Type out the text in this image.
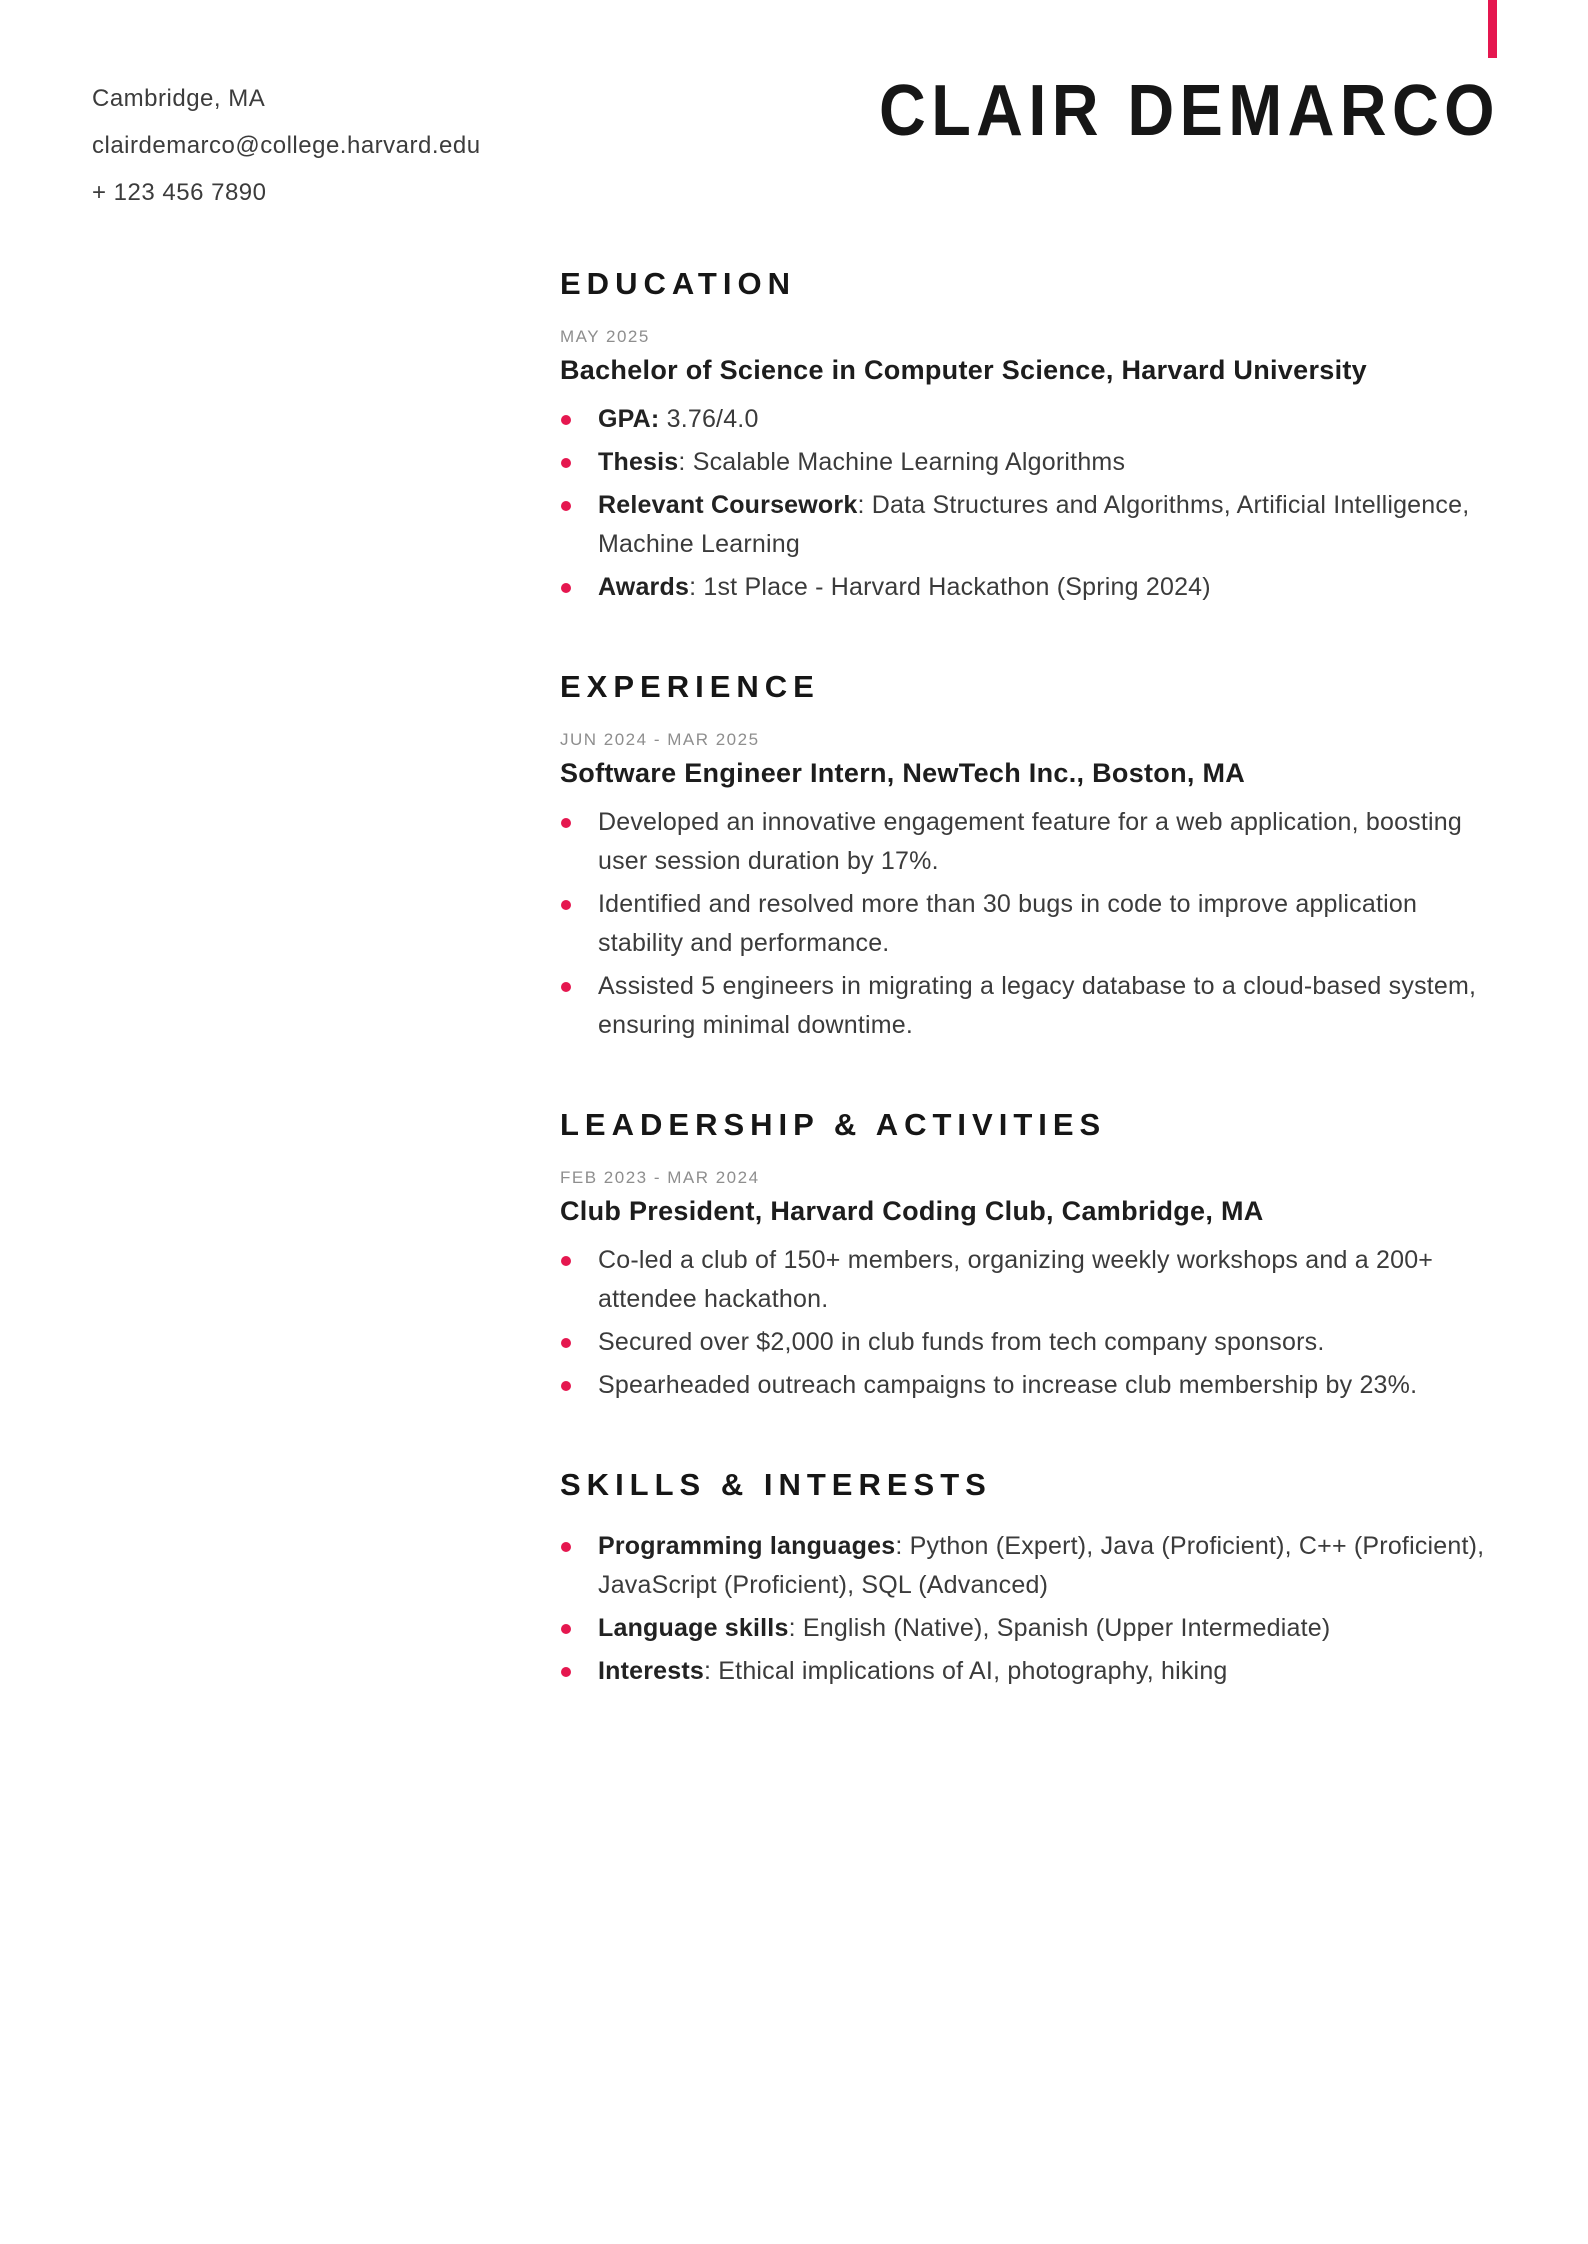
Cambridge, MA

clairdemarco@college.harvard.edu

+ 123 456 7890

CLAIR DEMARCO
EDUCATION

MAY 2025

Bachelor of Science in Computer Science, Harvard University
GPA: 3.76/4.0
Thesis: Scalable Machine Learning Algorithms
Relevant Coursework: Data Structures and Algorithms, Artificial Intelligence, Machine Learning
Awards: 1st Place - Harvard Hackathon (Spring 2024)
EXPERIENCE

JUN 2024 - MAR 2025

Software Engineer Intern, NewTech Inc., Boston, MA
Developed an innovative engagement feature for a web application, boosting user session duration by 17%.
Identified and resolved more than 30 bugs in code to improve application stability and performance.
Assisted 5 engineers in migrating a legacy database to a cloud-based system, ensuring minimal downtime.
LEADERSHIP & ACTIVITIES

FEB 2023 - MAR 2024

Club President, Harvard Coding Club, Cambridge, MA
Co-led a club of 150+ members, organizing weekly workshops and a 200+ attendee hackathon.
Secured over $2,000 in club funds from tech company sponsors.
Spearheaded outreach campaigns to increase club membership by 23%.
SKILLS & INTERESTS
Programming languages: Python (Expert), Java (Proficient), C++ (Proficient), JavaScript (Proficient), SQL (Advanced)
Language skills: English (Native), Spanish (Upper Intermediate)
Interests: Ethical implications of AI, photography, hiking
